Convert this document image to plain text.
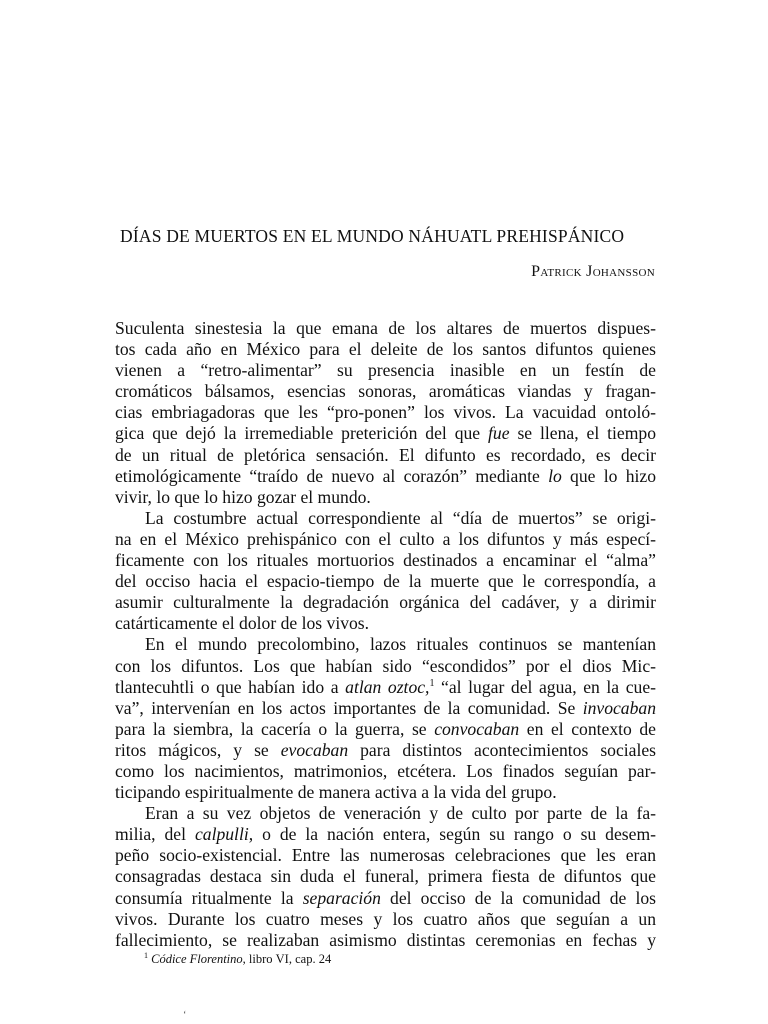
DÍAS DE MUERTOS EN EL MUNDO NÁHUATL PREHISPÁNICO
Patrick Johansson
Suculenta sinestesia la que emana de los altares de muertos dispues-
tos cada año en México para el deleite de los santos difuntos quienes
vienen a “retro-alimentar” su presencia inasible en un festín de
cromáticos bálsamos, esencias sonoras, aromáticas viandas y fragan-
cias embriagadoras que les “pro-ponen” los vivos. La vacuidad ontoló-
gica que dejó la irremediable preterición del que fue se llena, el tiempo
de un ritual de pletórica sensación. El difunto es recordado, es decir
etimológicamente “traído de nuevo al corazón” mediante lo que lo hizo
vivir, lo que lo hizo gozar el mundo.
La costumbre actual correspondiente al “día de muertos” se origi-
na en el México prehispánico con el culto a los difuntos y más especí-
ficamente con los rituales mortuorios destinados a encaminar el “alma”
del occiso hacia el espacio-tiempo de la muerte que le correspondía, a
asumir culturalmente la degradación orgánica del cadáver, y a dirimir
catárticamente el dolor de los vivos.
En el mundo precolombino, lazos rituales continuos se mantenían
con los difuntos. Los que habían sido “escondidos” por el dios Mic-
tlantecuhtli o que habían ido a atlan oztoc,$^1$ “al lugar del agua, en la cue-
va”, intervenían en los actos importantes de la comunidad. Se invocaban
para la siembra, la cacería o la guerra, se convocaban en el contexto de
ritos mágicos, y se evocaban para distintos acontecimientos sociales
como los nacimientos, matrimonios, etcétera. Los finados seguían par-
ticipando espiritualmente de manera activa a la vida del grupo.
Eran a su vez objetos de veneración y de culto por parte de la fa-
milia, del calpulli, o de la nación entera, según su rango o su desem-
peño socio-existencial. Entre las numerosas celebraciones que les eran
consagradas destaca sin duda el funeral, primera fiesta de difuntos que
consumía ritualmente la separación del occiso de la comunidad de los
vivos. Durante los cuatro meses y los cuatro años que seguían a un
fallecimiento, se realizaban asimismo distintas ceremonias en fechas y
$^1$ Códice Florentino, libro VI, cap. 24
‘
